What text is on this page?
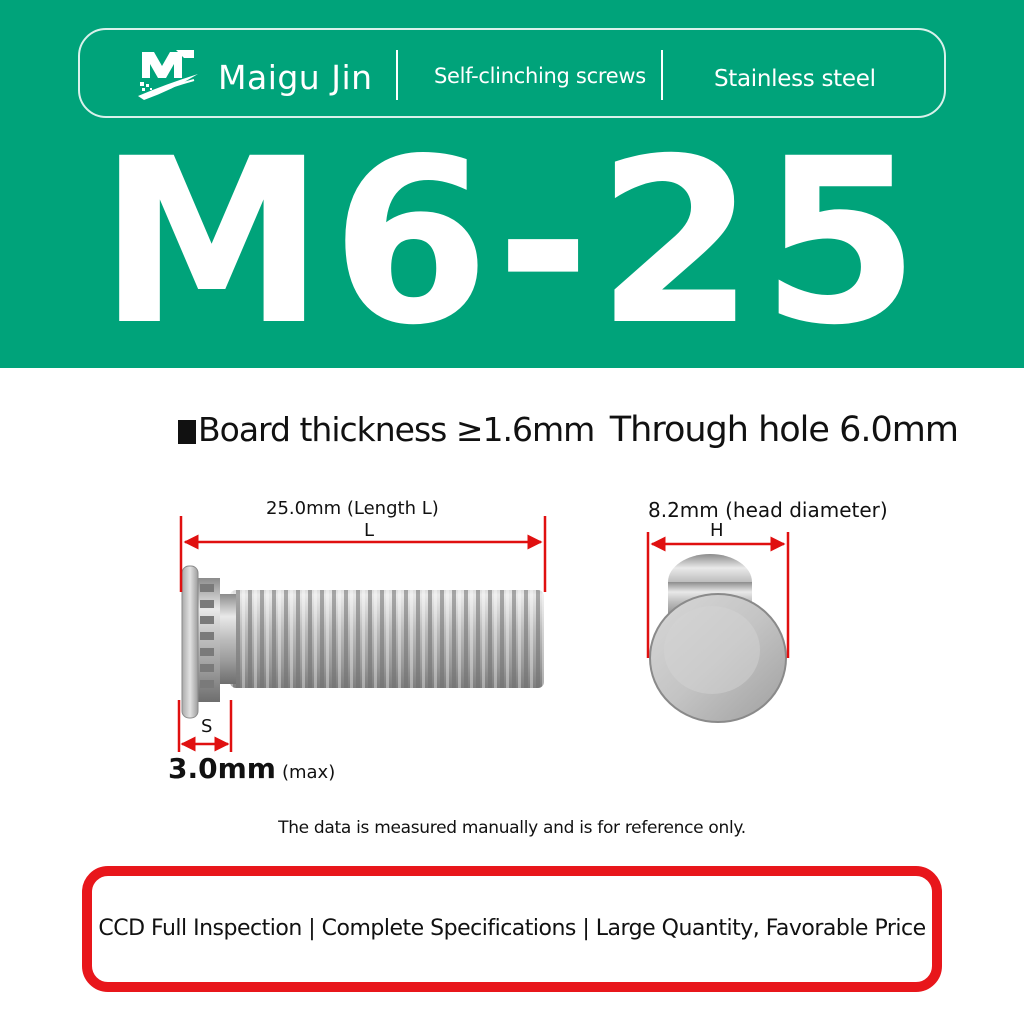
Maigu Jin	Self-clinching screws	Stainless steel
M6-25
Board thickness ≥1.6mm Through hole 6.0mm
25.0mm (Length L)
L
8.2mm (head diameter)
H
S
3.0mm (max)
The data is measured manually and is for reference only.
CCD Full Inspection | Complete Specifications | Large Quantity, Favorable Price
